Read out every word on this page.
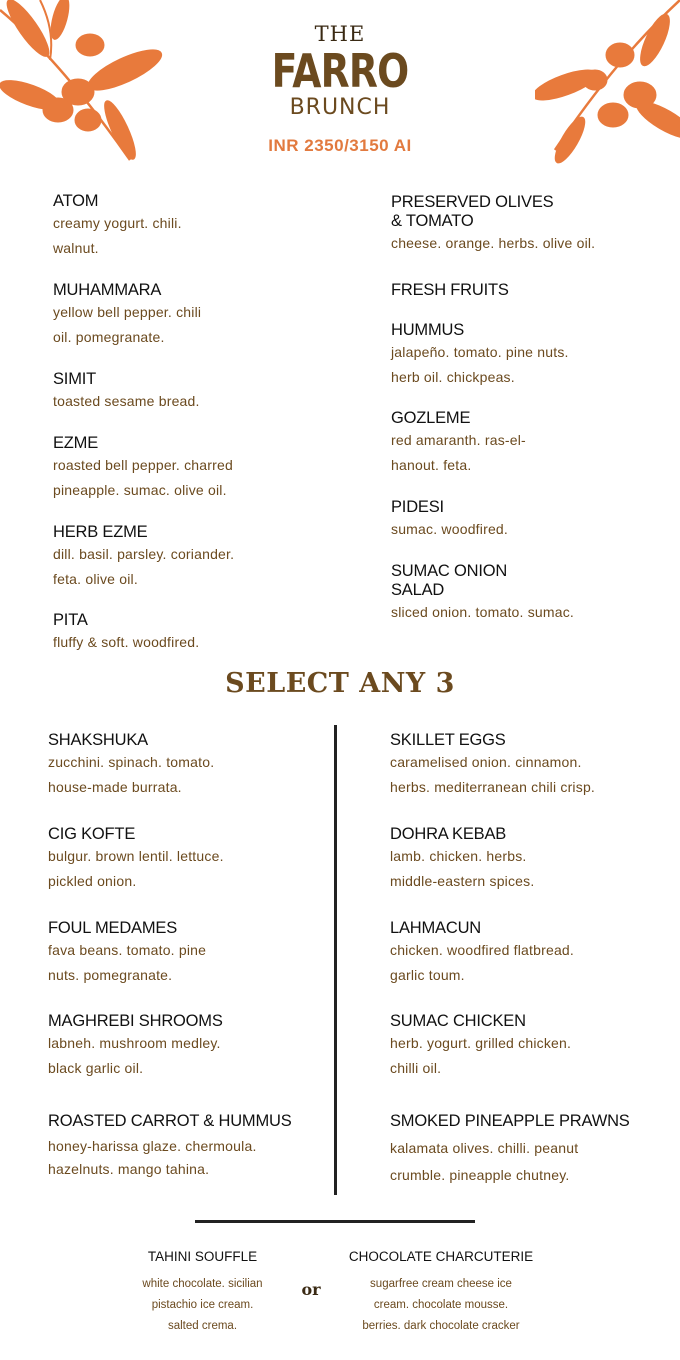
THE
FARRO
BRUNCH
INR 2350/3150 AI
ATOM
creamy yogurt. chili.
walnut.
MUHAMMARA
yellow bell pepper. chili
oil. pomegranate.
SIMIT
toasted sesame bread.
EZME
roasted bell pepper. charred
pineapple. sumac. olive oil.
HERB EZME
dill. basil. parsley. coriander.
feta. olive oil.
PITA
fluffy & soft. woodfired.
PRESERVED OLIVES
& TOMATO
cheese. orange. herbs. olive oil.
FRESH FRUITS
HUMMUS
jalapeño. tomato. pine nuts.
herb oil. chickpeas.
GOZLEME
red amaranth. ras-el-
hanout. feta.
PIDESI
sumac. woodfired.
SUMAC ONION
SALAD
sliced onion. tomato. sumac.
SELECT ANY 3
SHAKSHUKA
zucchini. spinach. tomato.
house-made burrata.
CIG KOFTE
bulgur. brown lentil. lettuce.
pickled onion.
FOUL MEDAMES
fava beans. tomato. pine
nuts. pomegranate.
MAGHREBI SHROOMS
labneh. mushroom medley.
black garlic oil.
ROASTED CARROT & HUMMUS
honey-harissa glaze. chermoula.
hazelnuts. mango tahina.
SKILLET EGGS
caramelised onion. cinnamon.
herbs. mediterranean chili crisp.
DOHRA KEBAB
lamb. chicken. herbs.
middle-eastern spices.
LAHMACUN
chicken. woodfired flatbread.
garlic toum.
SUMAC CHICKEN
herb. yogurt. grilled chicken.
chilli oil.
SMOKED PINEAPPLE PRAWNS
kalamata olives. chilli. peanut
crumble. pineapple chutney.
TAHINI SOUFFLE
white chocolate. sicilian
pistachio ice cream.
salted crema.
or
CHOCOLATE CHARCUTERIE
sugarfree cream cheese ice
cream. chocolate mousse.
berries. dark chocolate cracker
